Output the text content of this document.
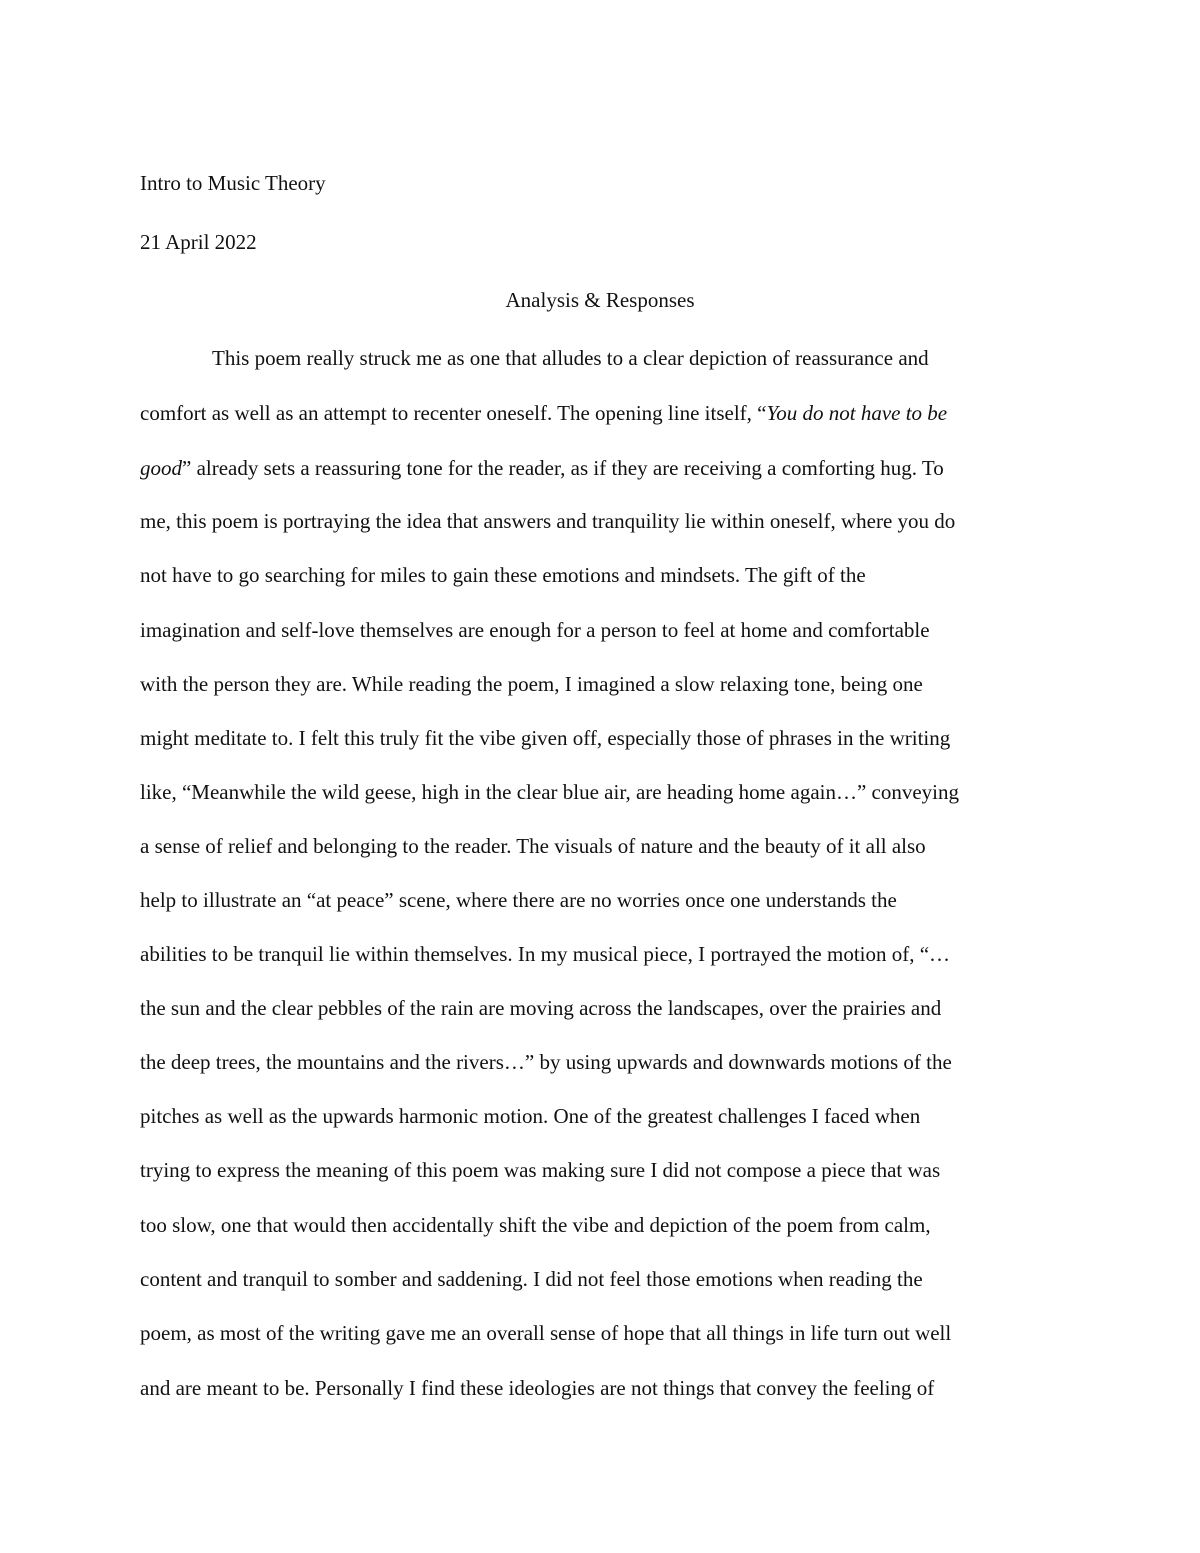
Intro to Music Theory
21 April 2022
Analysis & Responses
This poem really struck me as one that alludes to a clear depiction of reassurance and
comfort as well as an attempt to recenter oneself. The opening line itself, “You do not have to be
good” already sets a reassuring tone for the reader, as if they are receiving a comforting hug. To
me, this poem is portraying the idea that answers and tranquility lie within oneself, where you do
not have to go searching for miles to gain these emotions and mindsets. The gift of the
imagination and self-love themselves are enough for a person to feel at home and comfortable
with the person they are. While reading the poem, I imagined a slow relaxing tone, being one
might meditate to. I felt this truly fit the vibe given off, especially those of phrases in the writing
like, “Meanwhile the wild geese, high in the clear blue air, are heading home again…” conveying
a sense of relief and belonging to the reader. The visuals of nature and the beauty of it all also
help to illustrate an “at peace” scene, where there are no worries once one understands the
abilities to be tranquil lie within themselves. In my musical piece, I portrayed the motion of, “…
the sun and the clear pebbles of the rain are moving across the landscapes, over the prairies and
the deep trees, the mountains and the rivers…” by using upwards and downwards motions of the
pitches as well as the upwards harmonic motion. One of the greatest challenges I faced when
trying to express the meaning of this poem was making sure I did not compose a piece that was
too slow, one that would then accidentally shift the vibe and depiction of the poem from calm,
content and tranquil to somber and saddening. I did not feel those emotions when reading the
poem, as most of the writing gave me an overall sense of hope that all things in life turn out well
and are meant to be. Personally I find these ideologies are not things that convey the feeling of
